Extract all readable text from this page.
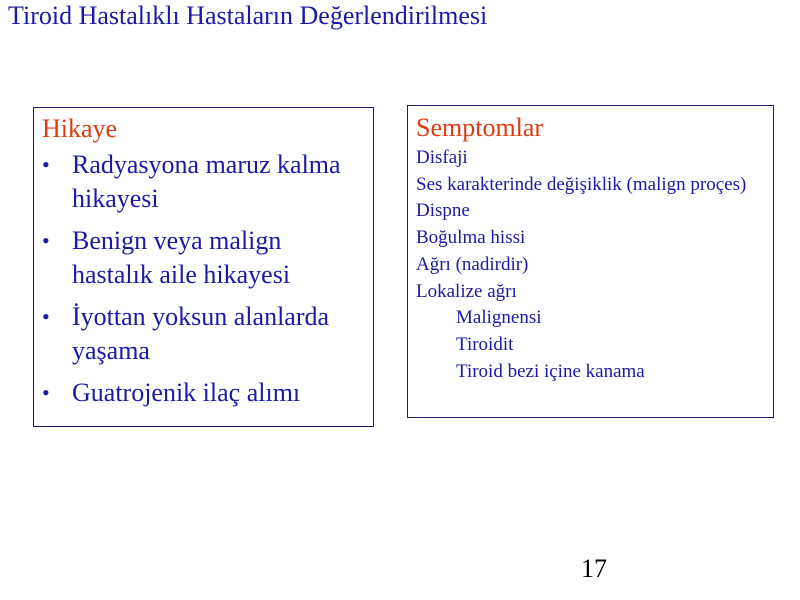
Tiroid Hastalıklı Hastaların Değerlendirilmesi
Hikaye
• Radyasyona maruz kalma hikayesi
• Benign veya malign hastalık aile hikayesi
• İyottan yoksun alanlarda yaşama
• Guatrojenik ilaç alımı
Semptomlar
Disfaji
Ses karakterinde değişiklik (malign proçes)
Dispne
Boğulma hissi
Ağrı (nadirdir)
Lokalize ağrı
Malignensi
Tiroidit
Tiroid bezi içine kanama
17
